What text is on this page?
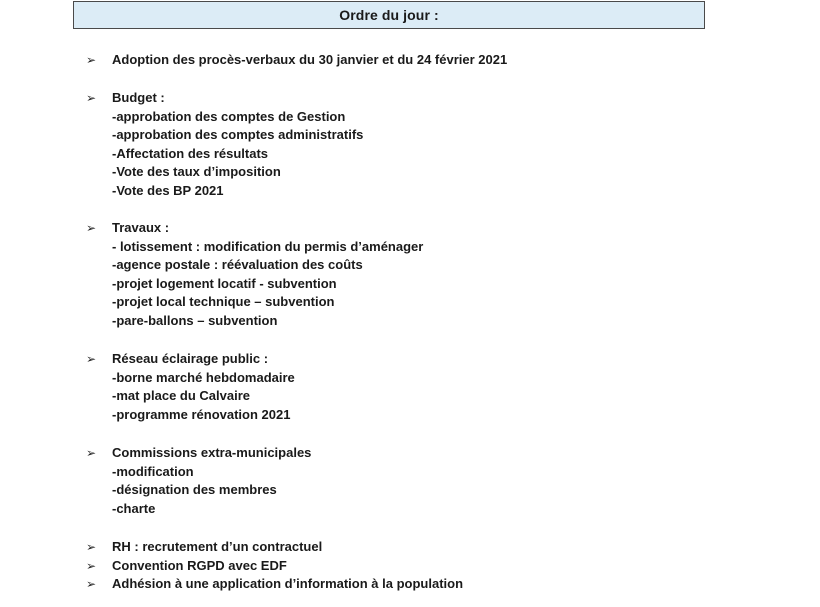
Ordre du jour :
➢	Adoption des procès-verbaux du 30 janvier et du 24 février 2021
➢	Budget :
-approbation des comptes de Gestion
-approbation des comptes administratifs
-Affectation des résultats
-Vote des taux d’imposition
-Vote des BP 2021
➢	Travaux :
- lotissement : modification du permis d’aménager
-agence postale : réévaluation des coûts
-projet logement locatif - subvention
-projet local technique – subvention
-pare-ballons – subvention
➢	Réseau éclairage public :
-borne marché hebdomadaire
-mat place du Calvaire
-programme rénovation 2021
➢	Commissions extra-municipales
-modification
-désignation des membres
-charte
➢	RH : recrutement d’un contractuel
➢	Convention RGPD avec EDF
➢	Adhésion à une application d’information à la population
